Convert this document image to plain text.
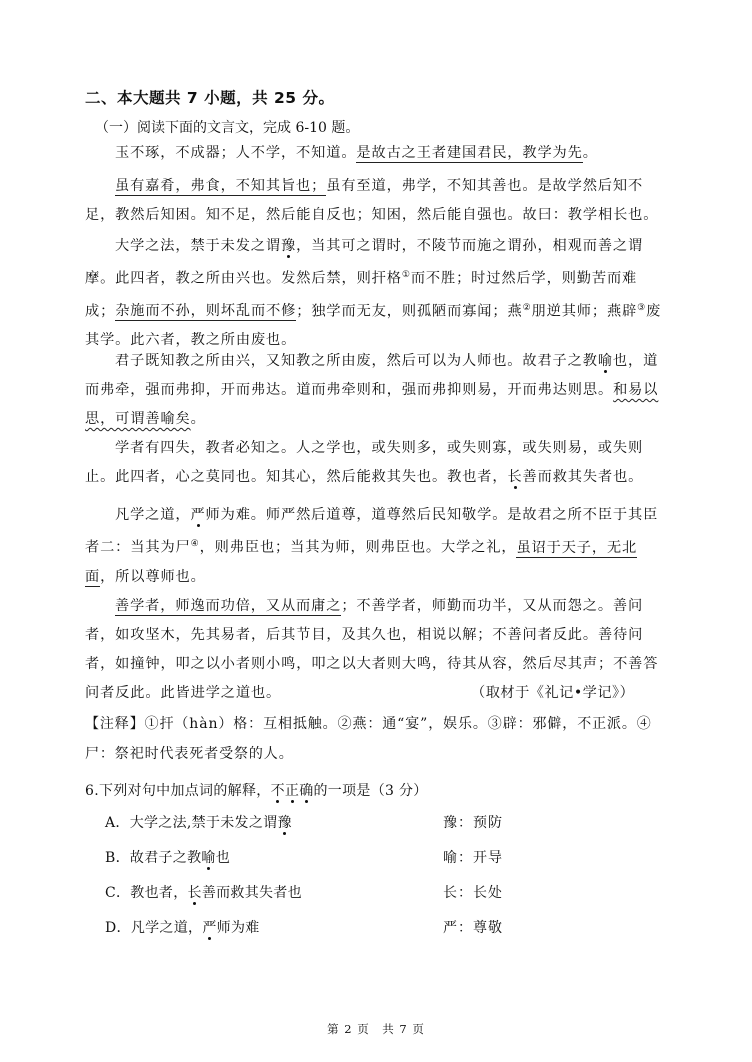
二、本大题共 7 小题，共 25 分。
（一）阅读下面的文言文，完成 6-10 题。
玉不琢，不成器；人不学，不知道。是故古之王者建国君民，教学为先。
虽有嘉肴，弗食，不知其旨也；虽有至道，弗学，不知其善也。是故学然后知不
足，教然后知困。知不足，然后能自反也；知困，然后能自强也。故曰：教学相长也。
大学之法，禁于未发之谓豫，当其可之谓时，不陵节而施之谓孙，相观而善之谓
摩。此四者，教之所由兴也。发然后禁，则扞格①而不胜；时过然后学，则勤苦而难
成；杂施而不孙，则坏乱而不修；独学而无友，则孤陋而寡闻；燕②朋逆其师；燕辟③废
其学。此六者，教之所由废也。
君子既知教之所由兴，又知教之所由废，然后可以为人师也。故君子之教喻也，道
而弗牵，强而弗抑，开而弗达。道而弗牵则和，强而弗抑则易，开而弗达则思。和易以
思，可谓善喻矣。
学者有四失，教者必知之。人之学也，或失则多，或失则寡，或失则易，或失则
止。此四者，心之莫同也。知其心，然后能救其失也。教也者，长善而救其失者也。
凡学之道，严师为难。师严然后道尊，道尊然后民知敬学。是故君之所不臣于其臣
者二：当其为尸④，则弗臣也；当其为师，则弗臣也。大学之礼，虽诏于天子，无北
面，所以尊师也。
善学者，师逸而功倍，又从而庸之；不善学者，师勤而功半，又从而怨之。善问
者，如攻坚木，先其易者，后其节目，及其久也，相说以解；不善问者反此。善待问
者，如撞钟，叩之以小者则小鸣，叩之以大者则大鸣，待其从容，然后尽其声；不善答
问者反此。此皆进学之道也。	（取材于《礼记•学记》）
【注释】①扞（hàn）格：互相抵触。②燕：通“宴”，娱乐。③辟：邪僻，不正派。④
尸：祭祀时代表死者受祭的人。
6.下列对句中加点词的解释，不正确的一项是（3 分）
A．大学之法,禁于未发之谓豫	豫：预防
B．故君子之教喻也	喻：开导
C．教也者，长善而救其失者也	长：长处
D．凡学之道，严师为难	严：尊敬
第 2 页　共 7 页
